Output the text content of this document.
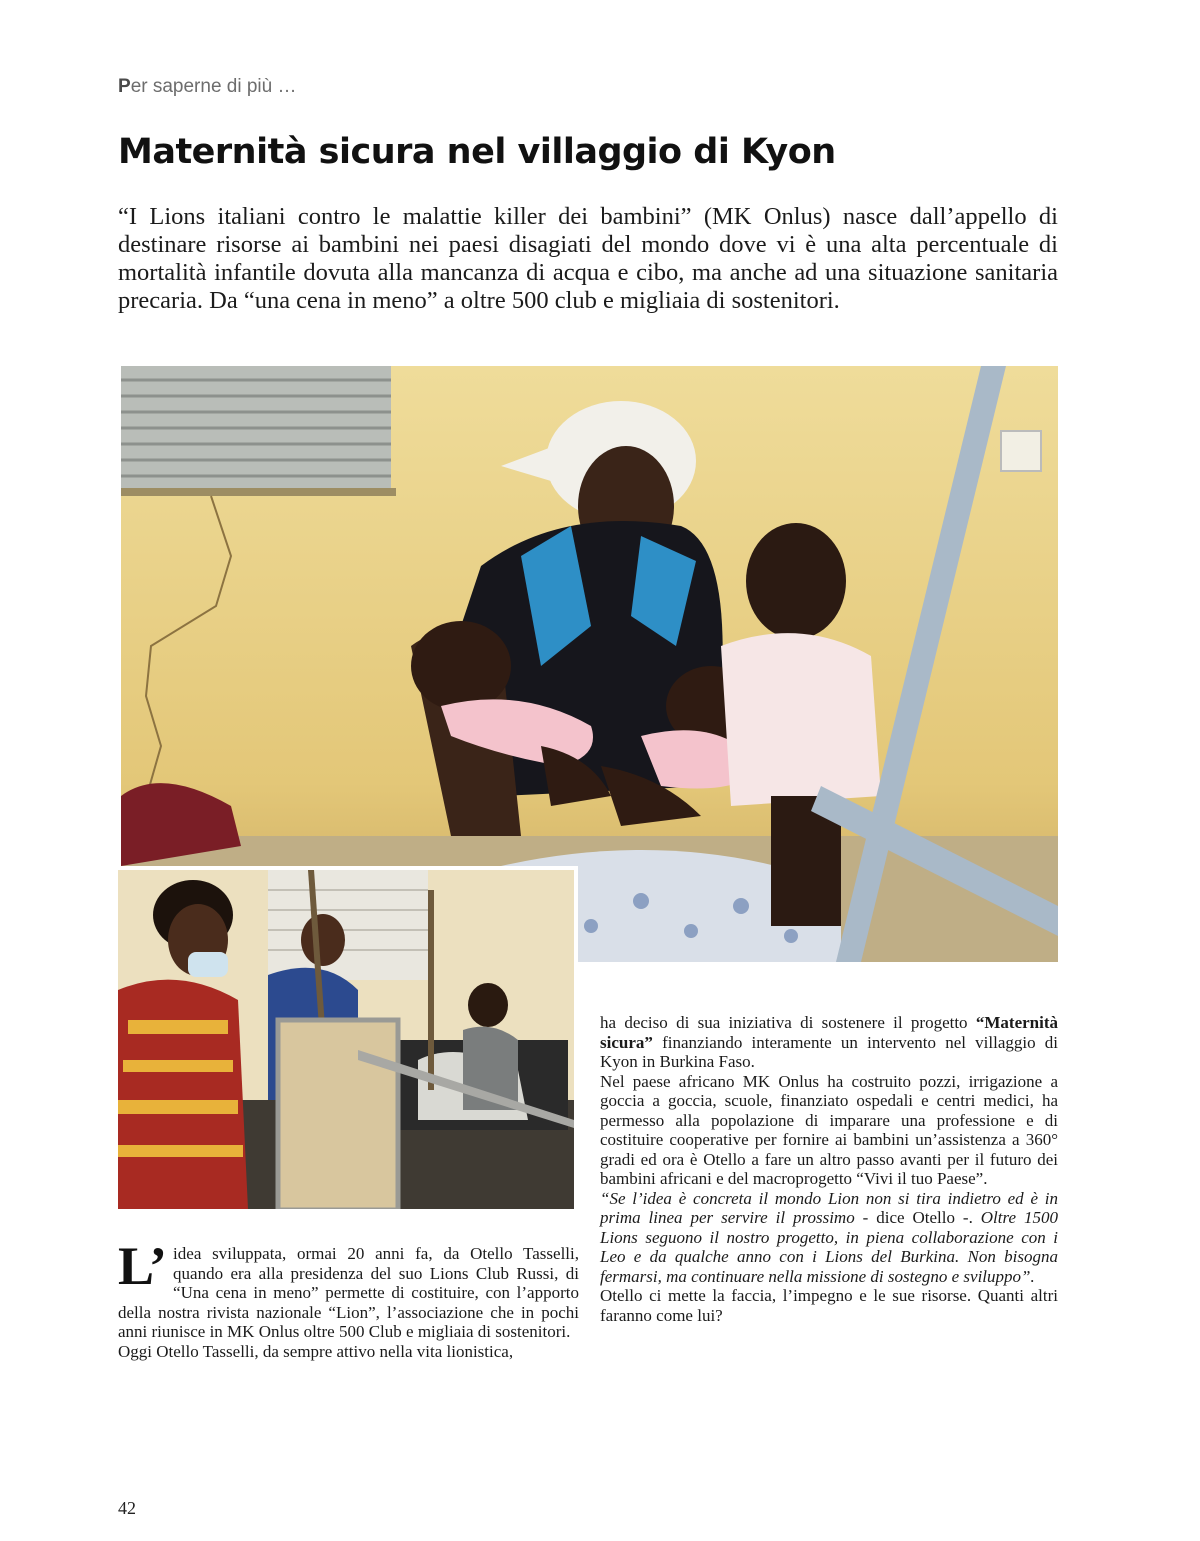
Per saperne di più …
Maternità sicura nel villaggio di Kyon

“I Lions italiani contro le malattie killer dei bambini” (MK Onlus) nasce dall’appello di destinare risorse ai bambini nei paesi disagiati del mondo dove vi è una alta percentuale di mortalità infantile dovuta alla mancanza di acqua e cibo, ma anche ad una situazione sanitaria precaria. Da “una cena in meno” a oltre 500 club e migliaia di sostenitori.

L’ idea sviluppata, ormai 20 anni fa, da Otello Tasselli, quando era alla presidenza del suo Lions Club Russi, di “Una cena in meno” permette di costituire, con l’apporto della nostra rivista nazionale “Lion”, l’associazione che in pochi anni riunisce in MK Onlus oltre 500 Club e migliaia di sostenitori.

Oggi Otello Tasselli, da sempre attivo nella vita lionistica,

ha deciso di sua iniziativa di sostenere il progetto “Maternità sicura” finanziando interamente un intervento nel villaggio di Kyon in Burkina Faso.

Nel paese africano MK Onlus ha costruito pozzi, irrigazione a goccia a goccia, scuole, finanziato ospedali e centri medici, ha permesso alla popolazione di imparare una professione e di costituire cooperative per fornire ai bambini un’assistenza a 360° gradi ed ora è Otello a fare un altro passo avanti per il futuro dei bambini africani e del macroprogetto “Vivi il tuo Paese”.

“Se l’idea è concreta il mondo Lion non si tira indietro ed è in prima linea per servire il prossimo - dice Otello -. Oltre 1500 Lions seguono il nostro progetto, in piena collaborazione con i Leo e da qualche anno con i Lions del Burkina. Non bisogna fermarsi, ma continuare nella missione di sostegno e sviluppo”.

Otello ci mette la faccia, l’impegno e le sue risorse. Quanti altri faranno come lui?

42
